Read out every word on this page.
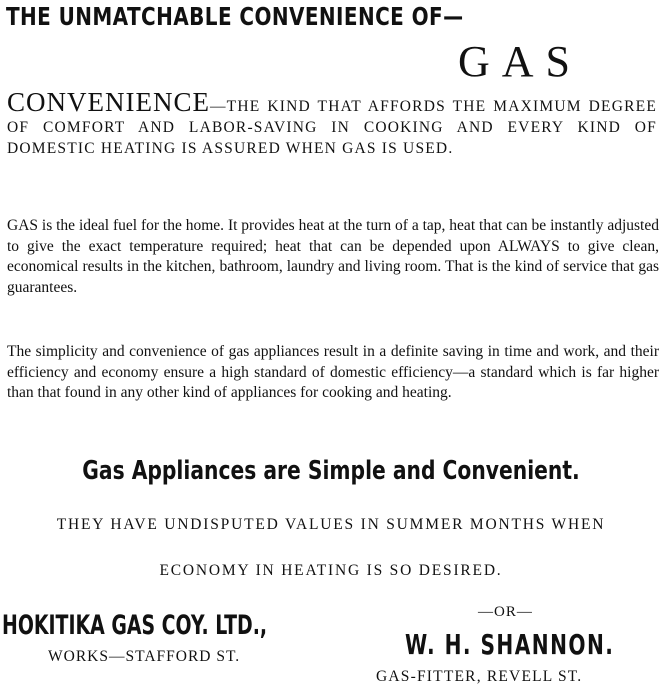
THE UNMATCHABLE CONVENIENCE OF—
GAS
CONVENIENCE—THE KIND THAT AFFORDS THE MAXIMUM DEGREE OF COMFORT AND LABOR-SAVING IN COOKING AND EVERY KIND OF DOMESTIC HEATING IS ASSURED WHEN GAS IS USED.
GAS is the ideal fuel for the home. It provides heat at the turn of a tap, heat that can be instantly adjusted to give the exact temperature required; heat that can be depended upon ALWAYS to give clean, economical results in the kitchen, bathroom, laundry and living room. That is the kind of service that gas guarantees.
The simplicity and convenience of gas appliances result in a definite saving in time and work, and their efficiency and economy ensure a high standard of domestic efficiency—a standard which is far higher than that found in any other kind of appliances for cooking and heating.
Gas Appliances are Simple and Convenient.
THEY HAVE UNDISPUTED VALUES IN SUMMER MONTHS WHEN
ECONOMY IN HEATING IS SO DESIRED.
HOKITIKA GAS COY. LTD.,
WORKS—STAFFORD ST.
—OR—
W. H. SHANNON.
GAS-FITTER, REVELL ST.
